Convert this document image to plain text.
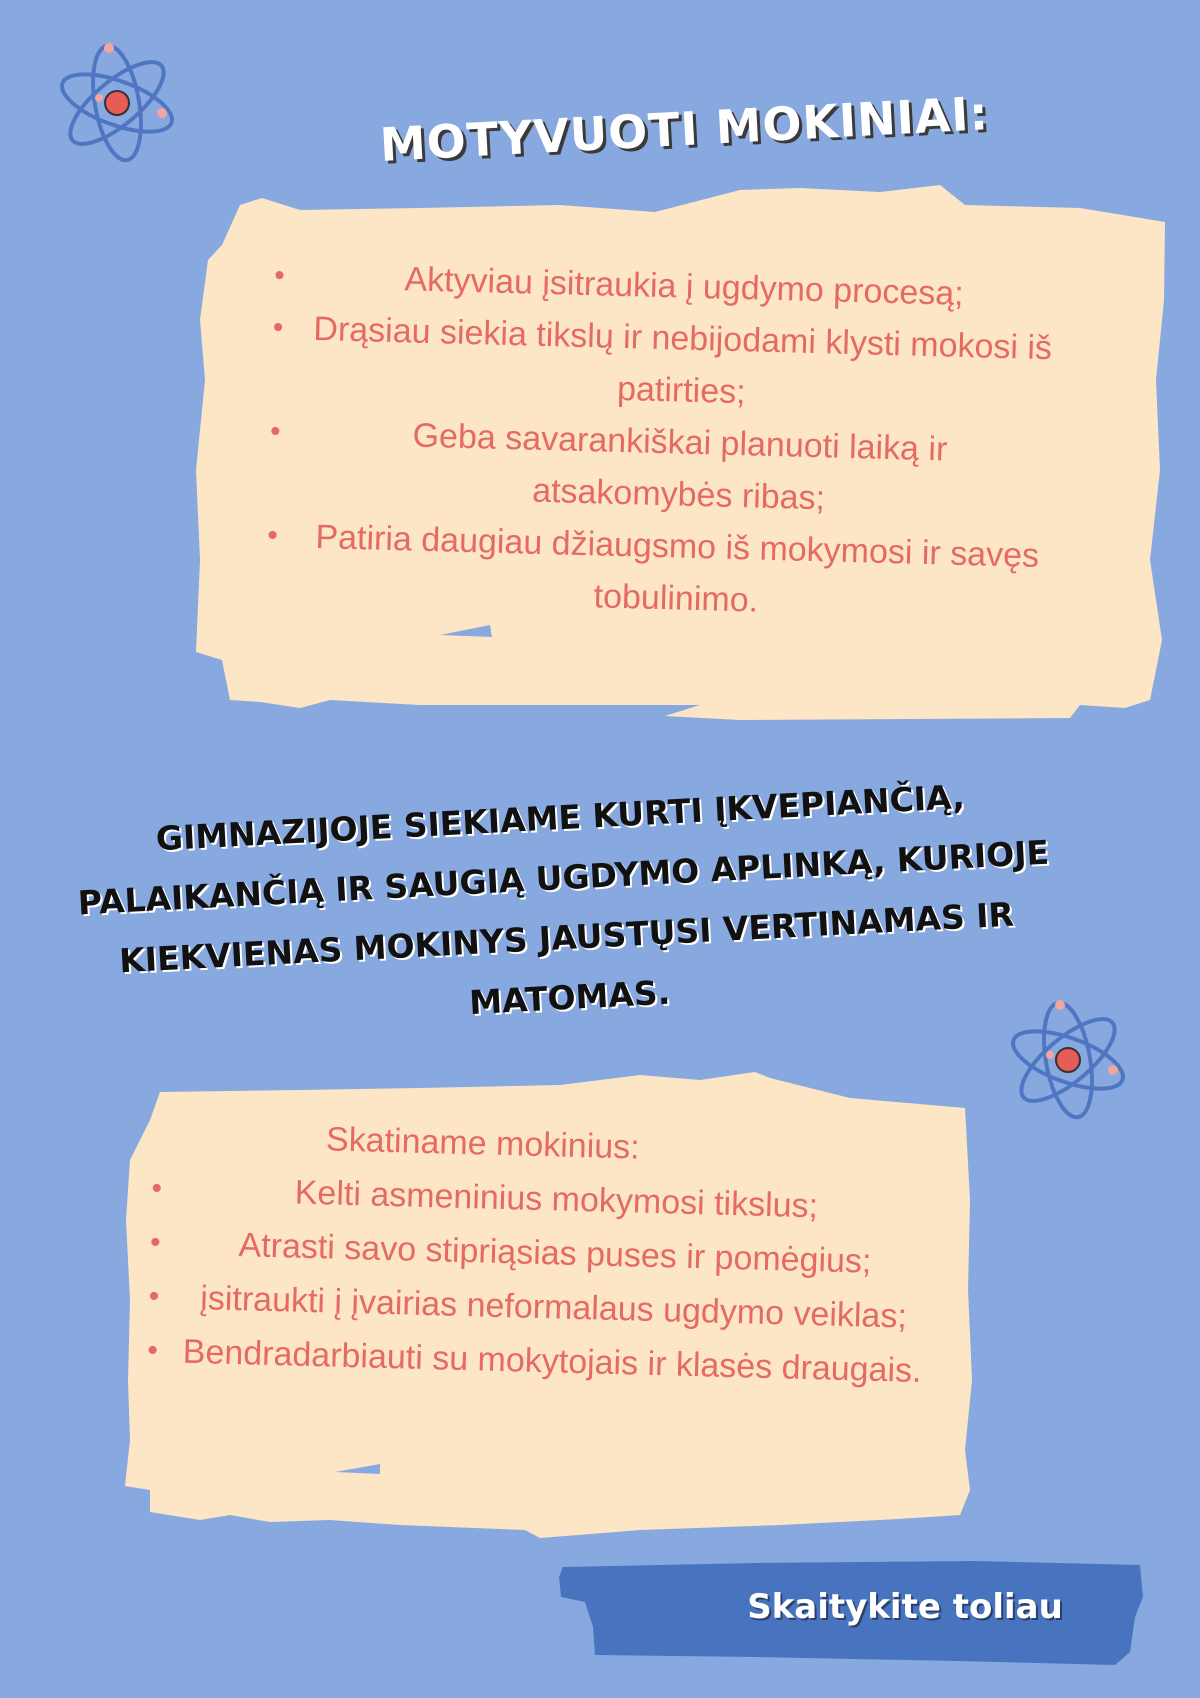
MOTYVUOTI MOKINIAI:
•	Aktyviau įsitraukia į ugdymo procesą;
• Drąsiau siekia tikslų ir nebijodami klysti mokosi iš patirties;
•	Geba savarankiškai planuoti laiką ir atsakomybės ribas;
• Patiria daugiau džiaugsmo iš mokymosi ir savęs tobulinimo.
GIMNAZIJOJE SIEKIAME KURTI ĮKVEPIANČIĄ, PALAIKANČIĄ IR SAUGIĄ UGDYMO APLINKĄ, KURIOJE KIEKVIENAS MOKINYS JAUSTŲSI VERTINAMAS IR MATOMAS.
Skatiname mokinius:
•	Kelti asmeninius mokymosi tikslus;
• Atrasti savo stipriąsias puses ir pomėgius;
• įsitraukti į įvairias neformalaus ugdymo veiklas;
• Bendradarbiauti su mokytojais ir klasės draugais.
Skaitykite toliau
